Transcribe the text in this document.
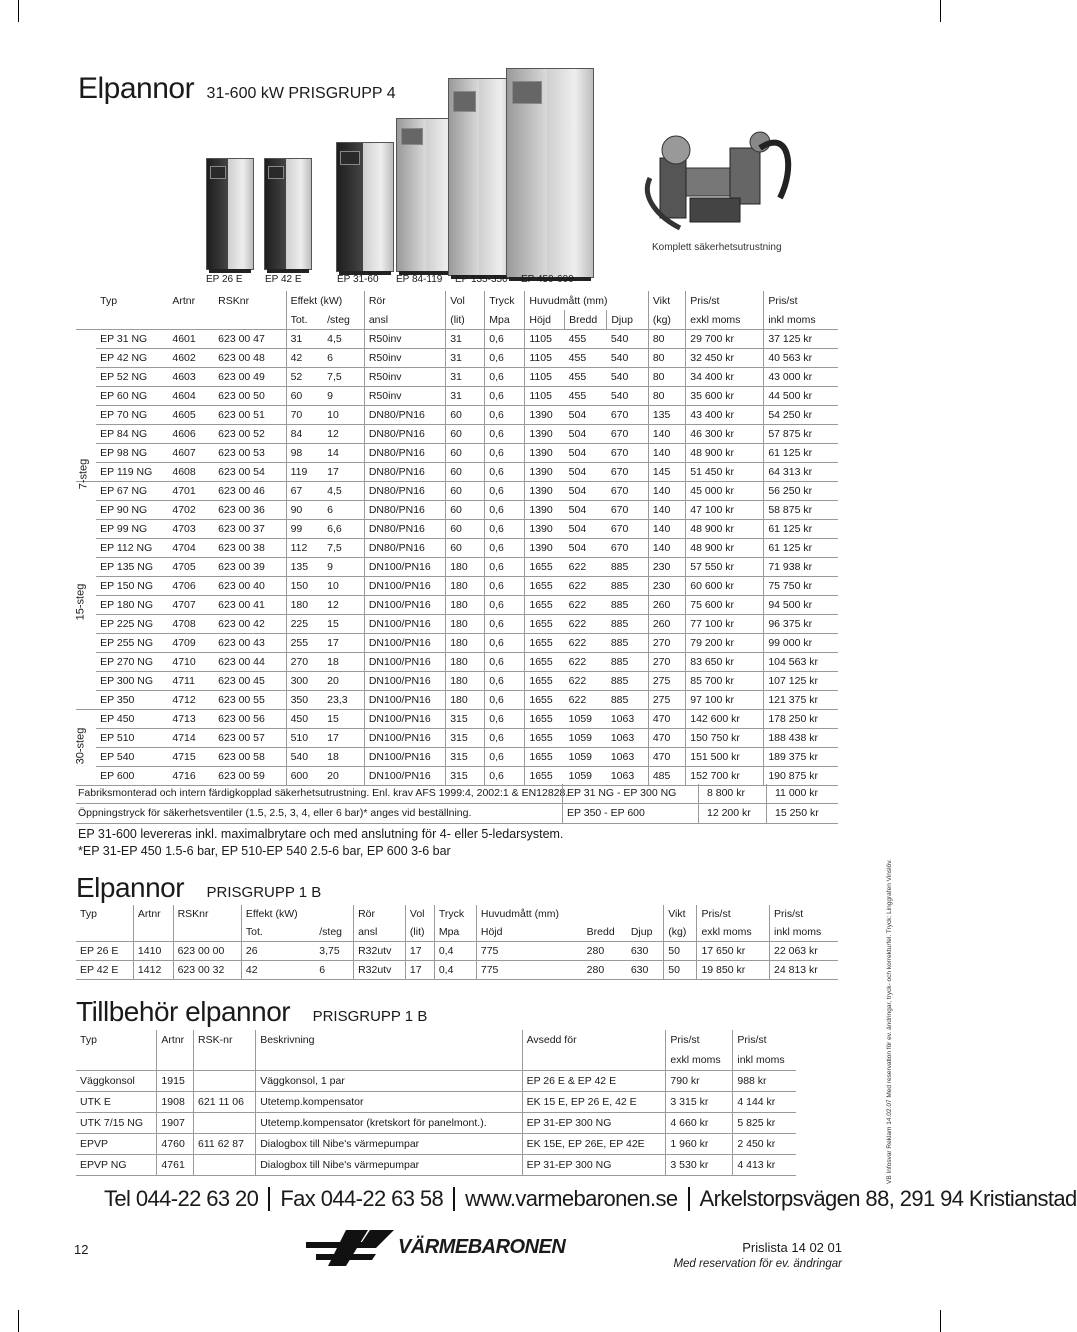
Elpannor 31-600 kW PRISGRUPP 4
Komplett säkerhetsutrustning
EP 26 E EP 42 E	EP 31-60 EP 84-119 EP 135-350 EP 450-600
	Typ	Artnr	RSKnr	Effekt (kW)		Rör	Vol	Tryck	Huvudmått (mm)			Vikt	Pris/st	Pris/st
				Tot.	/steg	ansl	(lit)	Mpa	Höjd	Bredd	Djup	(kg)	exkl moms	inkl moms
	EP 31 NG	4601	623 00 47	31	4,5	R50inv	31	0,6	1105	455	540	80	29 700 kr	37 125 kr
	EP 42 NG	4602	623 00 48	42	6	R50inv	31	0,6	1105	455	540	80	32 450 kr	40 563 kr
	EP 52 NG	4603	623 00 49	52	7,5	R50inv	31	0,6	1105	455	540	80	34 400 kr	43 000 kr
	EP 60 NG	4604	623 00 50	60	9	R50inv	31	0,6	1105	455	540	80	35 600 kr	44 500 kr
	EP 70 NG	4605	623 00 51	70	10	DN80/PN16	60	0,6	1390	504	670	135	43 400 kr	54 250 kr
	EP 84 NG	4606	623 00 52	84	12	DN80/PN16	60	0,6	1390	504	670	140	46 300 kr	57 875 kr
	EP 98 NG	4607	623 00 53	98	14	DN80/PN16	60	0,6	1390	504	670	140	48 900 kr	61 125 kr
	EP 119 NG	4608	623 00 54	119	17	DN80/PN16	60	0,6	1390	504	670	145	51 450 kr	64 313 kr
	EP 67 NG	4701	623 00 46	67	4,5	DN80/PN16	60	0,6	1390	504	670	140	45 000 kr	56 250 kr
	EP 90 NG	4702	623 00 36	90	6	DN80/PN16	60	0,6	1390	504	670	140	47 100 kr	58 875 kr
	EP 99 NG	4703	623 00 37	99	6,6	DN80/PN16	60	0,6	1390	504	670	140	48 900 kr	61 125 kr
	EP 112 NG	4704	623 00 38	112	7,5	DN80/PN16	60	0,6	1390	504	670	140	48 900 kr	61 125 kr
	EP 135 NG	4705	623 00 39	135	9	DN100/PN16	180	0,6	1655	622	885	230	57 550 kr	71 938 kr
	EP 150 NG	4706	623 00 40	150	10	DN100/PN16	180	0,6	1655	622	885	230	60 600 kr	75 750 kr
	EP 180 NG	4707	623 00 41	180	12	DN100/PN16	180	0,6	1655	622	885	260	75 600 kr	94 500 kr
	EP 225 NG	4708	623 00 42	225	15	DN100/PN16	180	0,6	1655	622	885	260	77 100 kr	96 375 kr
	EP 255 NG	4709	623 00 43	255	17	DN100/PN16	180	0,6	1655	622	885	270	79 200 kr	99 000 kr
	EP 270 NG	4710	623 00 44	270	18	DN100/PN16	180	0,6	1655	622	885	270	83 650 kr	104 563 kr
	EP 300 NG	4711	623 00 45	300	20	DN100/PN16	180	0,6	1655	622	885	275	85 700 kr	107 125 kr
	EP 350	4712	623 00 55	350	23,3	DN100/PN16	180	0,6	1655	622	885	275	97 100 kr	121 375 kr
	EP 450	4713	623 00 56	450	15	DN100/PN16	315	0,6	1655	1059	1063	470	142 600 kr	178 250 kr
	EP 510	4714	623 00 57	510	17	DN100/PN16	315	0,6	1655	1059	1063	470	150 750 kr	188 438 kr
	EP 540	4715	623 00 58	540	18	DN100/PN16	315	0,6	1655	1059	1063	470	151 500 kr	189 375 kr
	EP 600	4716	623 00 59	600	20	DN100/PN16	315	0,6	1655	1059	1063	485	152 700 kr	190 875 kr
7-steg
15-steg
30-steg
Fabriksmonterad och intern färdigkopplad säkerhetsutrustning. Enl. krav AFS 1999:4, 2002:1 & EN12828.
EP 31 NG - EP 300 NG	8 800 kr	11 000 kr
Öppningstryck för säkerhetsventiler (1.5, 2.5, 3, 4, eller 6 bar)* anges vid beställning.	EP 350 - EP 600	12 200 kr	15 250 kr
EP 31-600 levereras inkl. maximalbrytare och med anslutning för 4- eller 5-ledarsystem.
*EP 31-EP 450 1.5-6 bar, EP 510-EP 540 2.5-6 bar, EP 600 3-6 bar
Elpannor PRISGRUPP 1 B
Typ	Artnr	RSKnr	Effekt (kW)		Rör	Vol	Tryck	Huvudmått (mm)			Vikt	Pris/st	Pris/st
			Tot.	/steg	ansl	(lit)	Mpa	Höjd	Bredd	Djup	(kg)	exkl moms	inkl moms
EP 26 E	1410	623 00 00	26	3,75	R32utv	17	0,4	775	280	630	50	17 650 kr	22 063 kr
EP 42 E	1412	623 00 32	42	6	R32utv	17	0,4	775	280	630	50	19 850 kr	24 813 kr
Tillbehör elpannor PRISGRUPP 1 B
Typ	Artnr	RSK-nr	Beskrivning	Avsedd för	Pris/st	Pris/st
					exkl moms	inkl moms
Väggkonsol	1915		Väggkonsol, 1 par	EP 26 E & EP 42 E	790 kr	988 kr
UTK E	1908	621 11 06	Utetemp.kompensator	EK 15 E, EP 26 E, 42 E	3 315 kr	4 144 kr
UTK 7/15 NG	1907		Utetemp.kompensator (kretskort för panelmont.).	EP 31-EP 300 NG	4 660 kr	5 825 kr
EPVP	4760	611 62 87	Dialogbox till Nibe's värmepumpar	EK 15E, EP 26E, EP 42E	1 960 kr	2 450 kr
EPVP NG	4761		Dialogbox till Nibe's värmepumpar	EP 31-EP 300 NG	3 530 kr	4 413 kr
Tel 044-22 63 20 Fax 044-22 63 58 www.varmebaronen.se Arkelstorpsvägen 88, 291 94 Kristianstad
12	VÄRMEBARONEN	Prislista 14 02 01
Med reservation för ev. ändringar
VB Infosvar Reklam 14.02.07 Med reservation för ev. ändringar, tryck- och korrekturfel. Tryck: Linggrafen Vinslöv.
